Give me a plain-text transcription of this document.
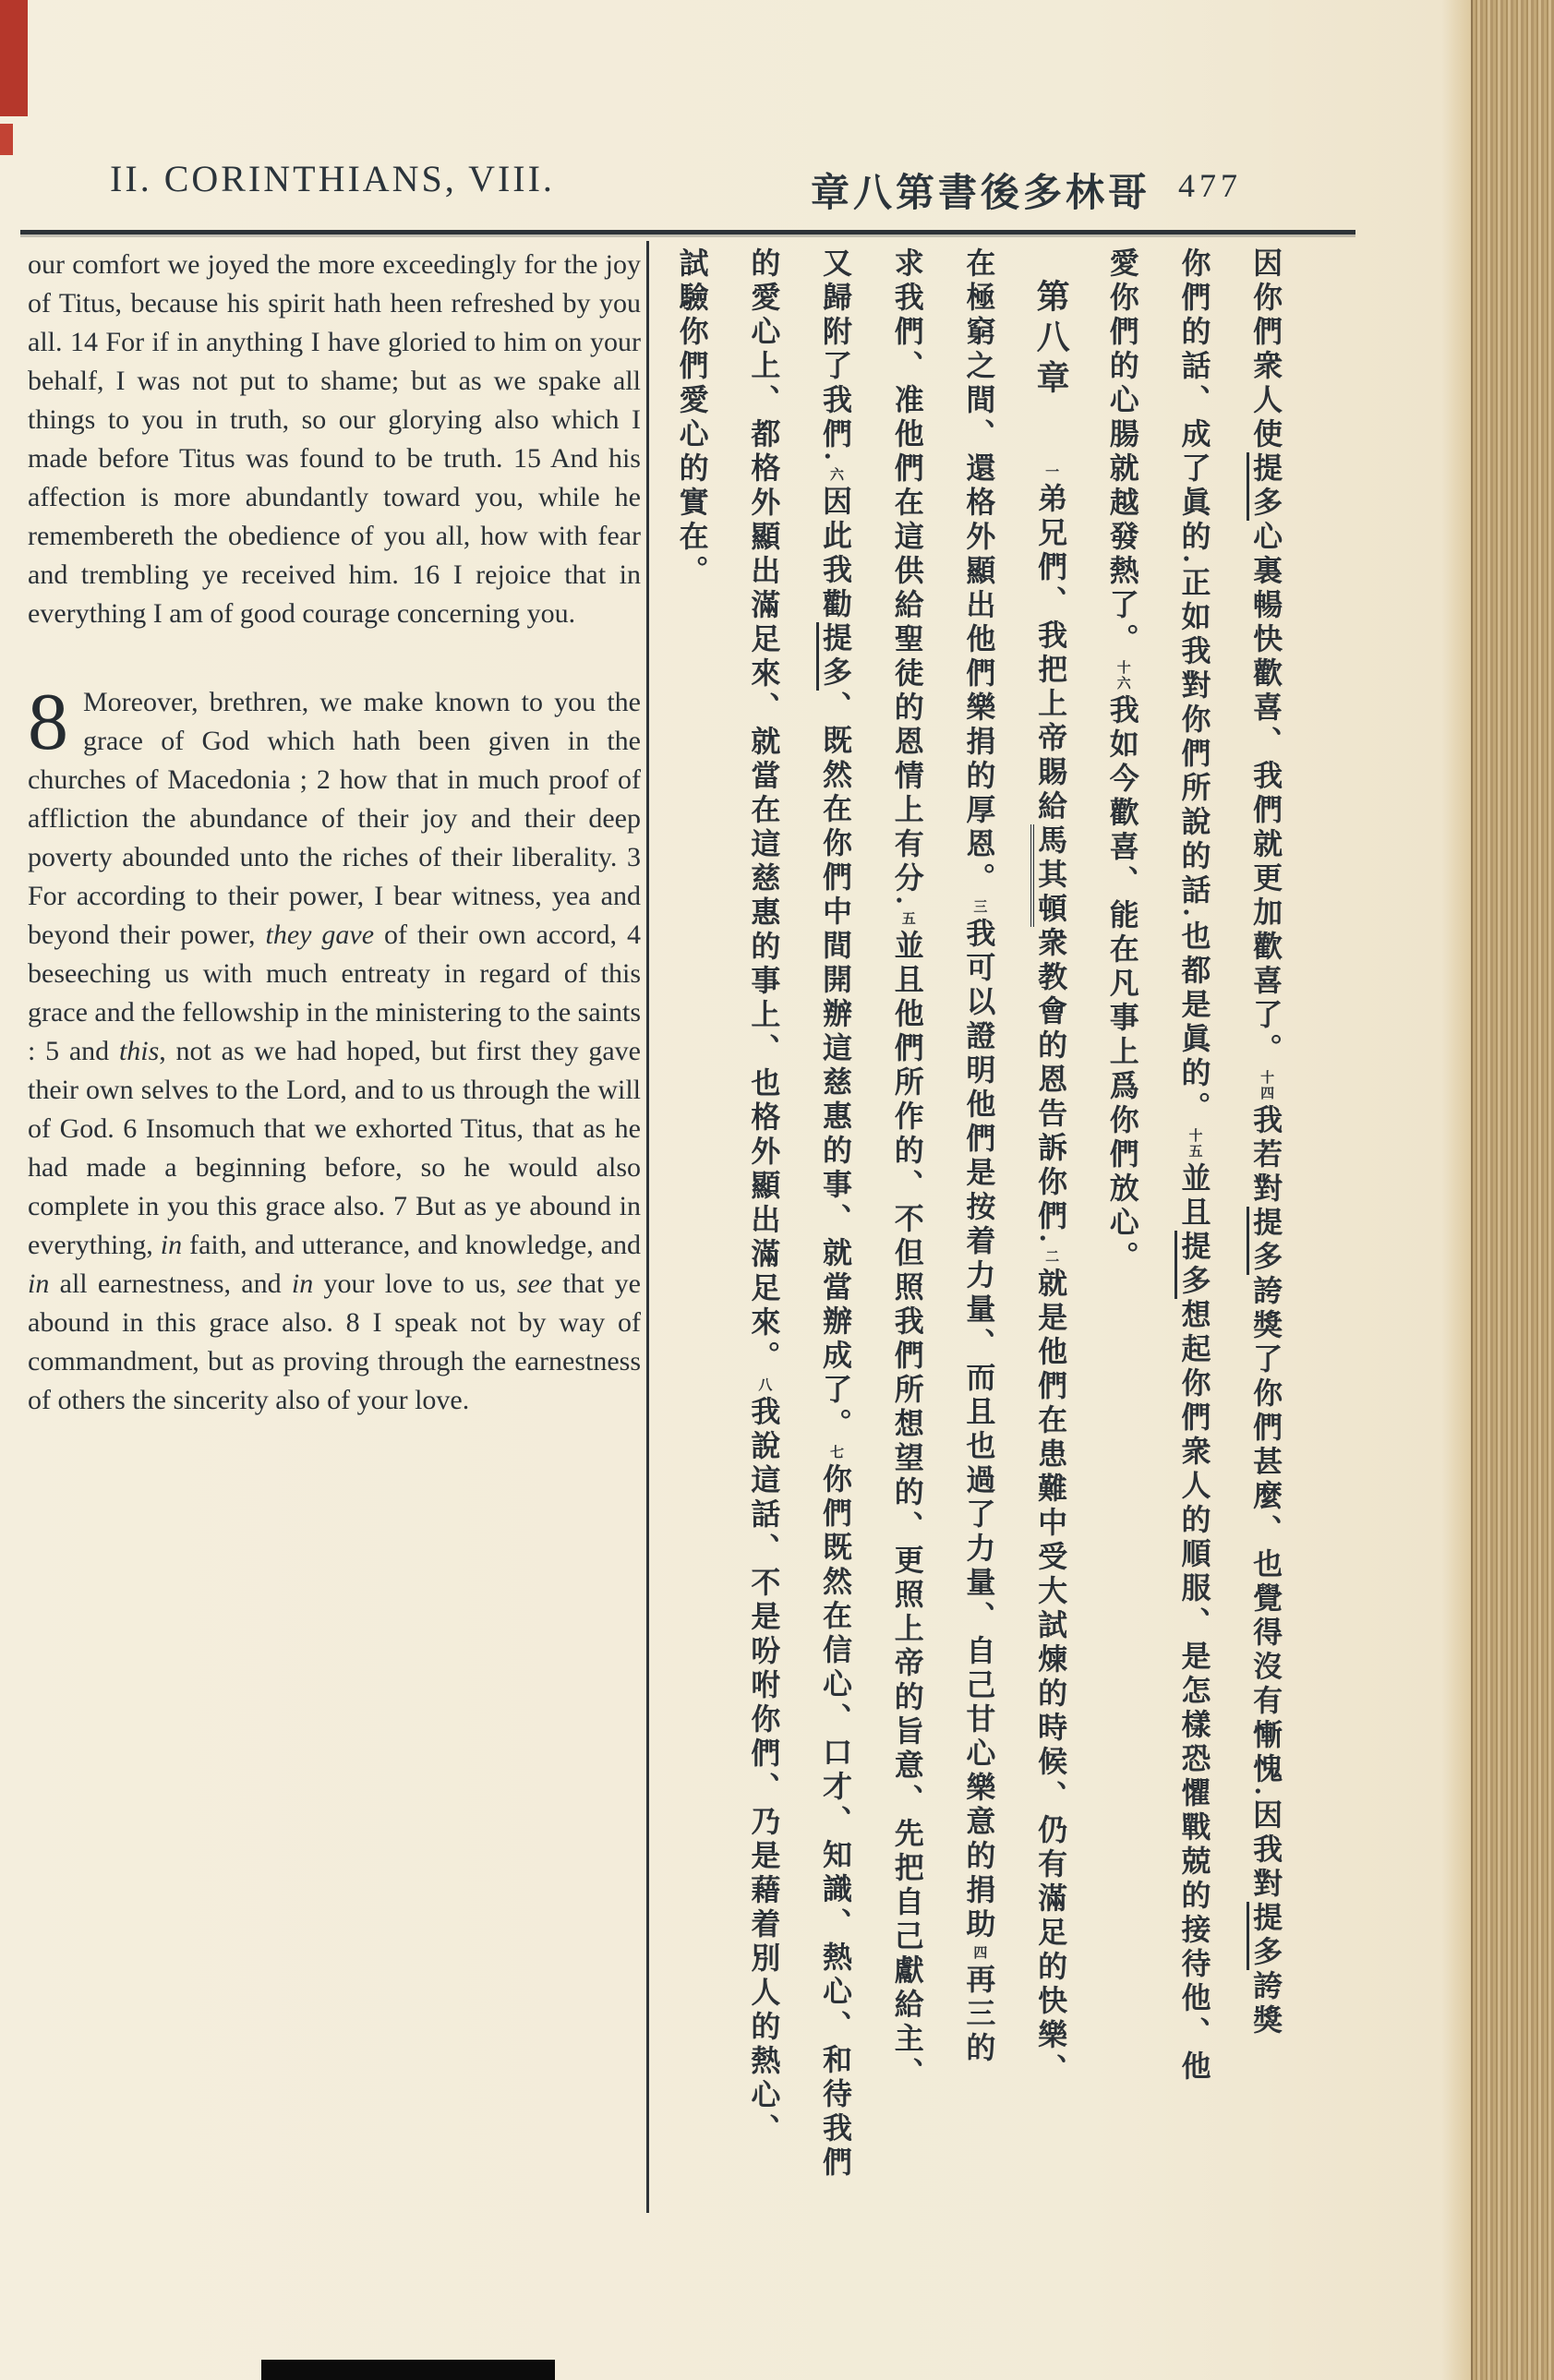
II. CORINTHIANS, VIII.	章八第書後多林哥 477

our comfort we joyed the more exceedingly for the joy of Titus, because his spirit hath heen refreshed by you all. 14 For if in anything I have gloried to him on your behalf, I was not put to shame; but as we spake all things to you in truth, so our glorying also which I made before Titus was found to be truth. 15 And his affection is more abundantly toward you, while he remembereth the obedience of you all, how with fear and trembling ye received him. 16 I rejoice that in everything I am of good courage concerning you.

8 Moreover, brethren, we make known to you the grace of God which hath been given in the churches of Macedonia ; 2 how that in much proof of affliction the abundance of their joy and their deep poverty abounded unto the riches of their liberality. 3 For according to their power, I bear witness, yea and beyond their power, they gave of their own accord, 4 beseeching us with much entreaty in regard of this grace and the fellowship in the ministering to the saints : 5 and this, not as we had hoped, but first they gave their own selves to the Lord, and to us through the will of God. 6 Insomuch that we exhorted Titus, that as he had made a beginning before, so he would also complete in you this grace also. 7 But as ye abound in everything, in faith, and utterance, and knowledge, and in all earnestness, and in your love to us, see that ye abound in this grace also. 8 I speak not by way of commandment, but as proving through the earnestness of others the sincerity also of your love.

因你們衆人使提多心裏暢快歡喜、我們就更加歡喜了。十四我若對提多誇獎了你們甚麼、也覺得沒有慚愧.因我對提多誇獎
你們的話、成了眞的.正如我對你們所說的話.也都是眞的。十五並且提多想起你們衆人的順服、是怎樣恐懼戰兢的接待他、他
愛你們的心腸就越發熱了。十六我如今歡喜、能在凡事上爲你們放心。
第八章一弟兄們、我把上帝賜給馬其頓衆教會的恩告訴你們.二就是他們在患難中受大試煉的時候、仍有滿足的快樂、
在極窮之間、還格外顯出他們樂捐的厚恩。三我可以證明他們是按着力量、而且也過了力量、自己甘心樂意的捐助四再三的
求我們、准他們在這供給聖徒的恩情上有分.五並且他們所作的、不但照我們所想望的、更照上帝的旨意、先把自己獻給主、
又歸附了我們.六因此我勸提多、既然在你們中間開辦這慈惠的事、就當辦成了。七你們既然在信心、口才、知識、熱心、和待我們
的愛心上、都格外顯出滿足來、就當在這慈惠的事上、也格外顯出滿足來。八我說這話、不是吩咐你們、乃是藉着別人的熱心、
試驗你們愛心的實在。
